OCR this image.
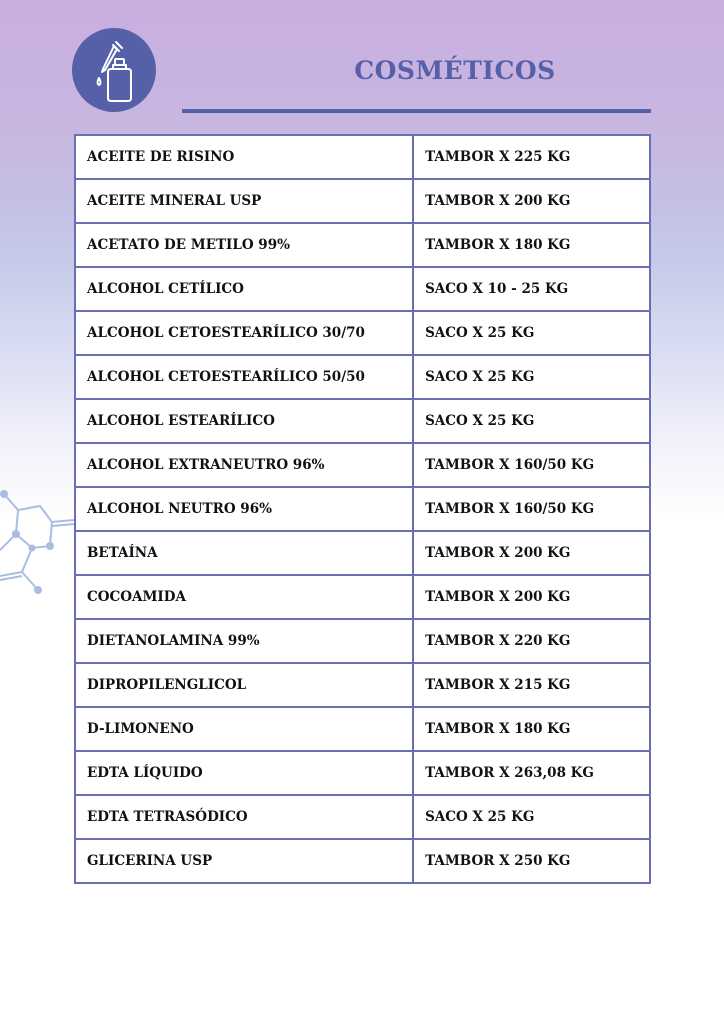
COSMÉTICOS
ACEITE DE RISINO	TAMBOR X 225 KG
ACEITE MINERAL USP	TAMBOR X 200 KG
ACETATO DE METILO 99%	TAMBOR X 180 KG
ALCOHOL CETÍLICO	SACO X 10 - 25 KG
ALCOHOL CETOESTEARÍLICO 30/70	SACO X 25 KG
ALCOHOL CETOESTEARÍLICO 50/50	SACO X 25 KG
ALCOHOL ESTEARÍLICO	SACO X 25 KG
ALCOHOL EXTRANEUTRO 96%	TAMBOR X 160/50 KG
ALCOHOL NEUTRO 96%	TAMBOR X 160/50 KG
BETAÍNA	TAMBOR X 200 KG
COCOAMIDA	TAMBOR X 200 KG
DIETANOLAMINA 99%	TAMBOR X 220 KG
DIPROPILENGLICOL	TAMBOR X 215 KG
D-LIMONENO	TAMBOR X 180 KG
EDTA LÍQUIDO	TAMBOR X 263,08 KG
EDTA TETRASÓDICO	SACO X 25 KG
GLICERINA USP	TAMBOR X 250 KG
